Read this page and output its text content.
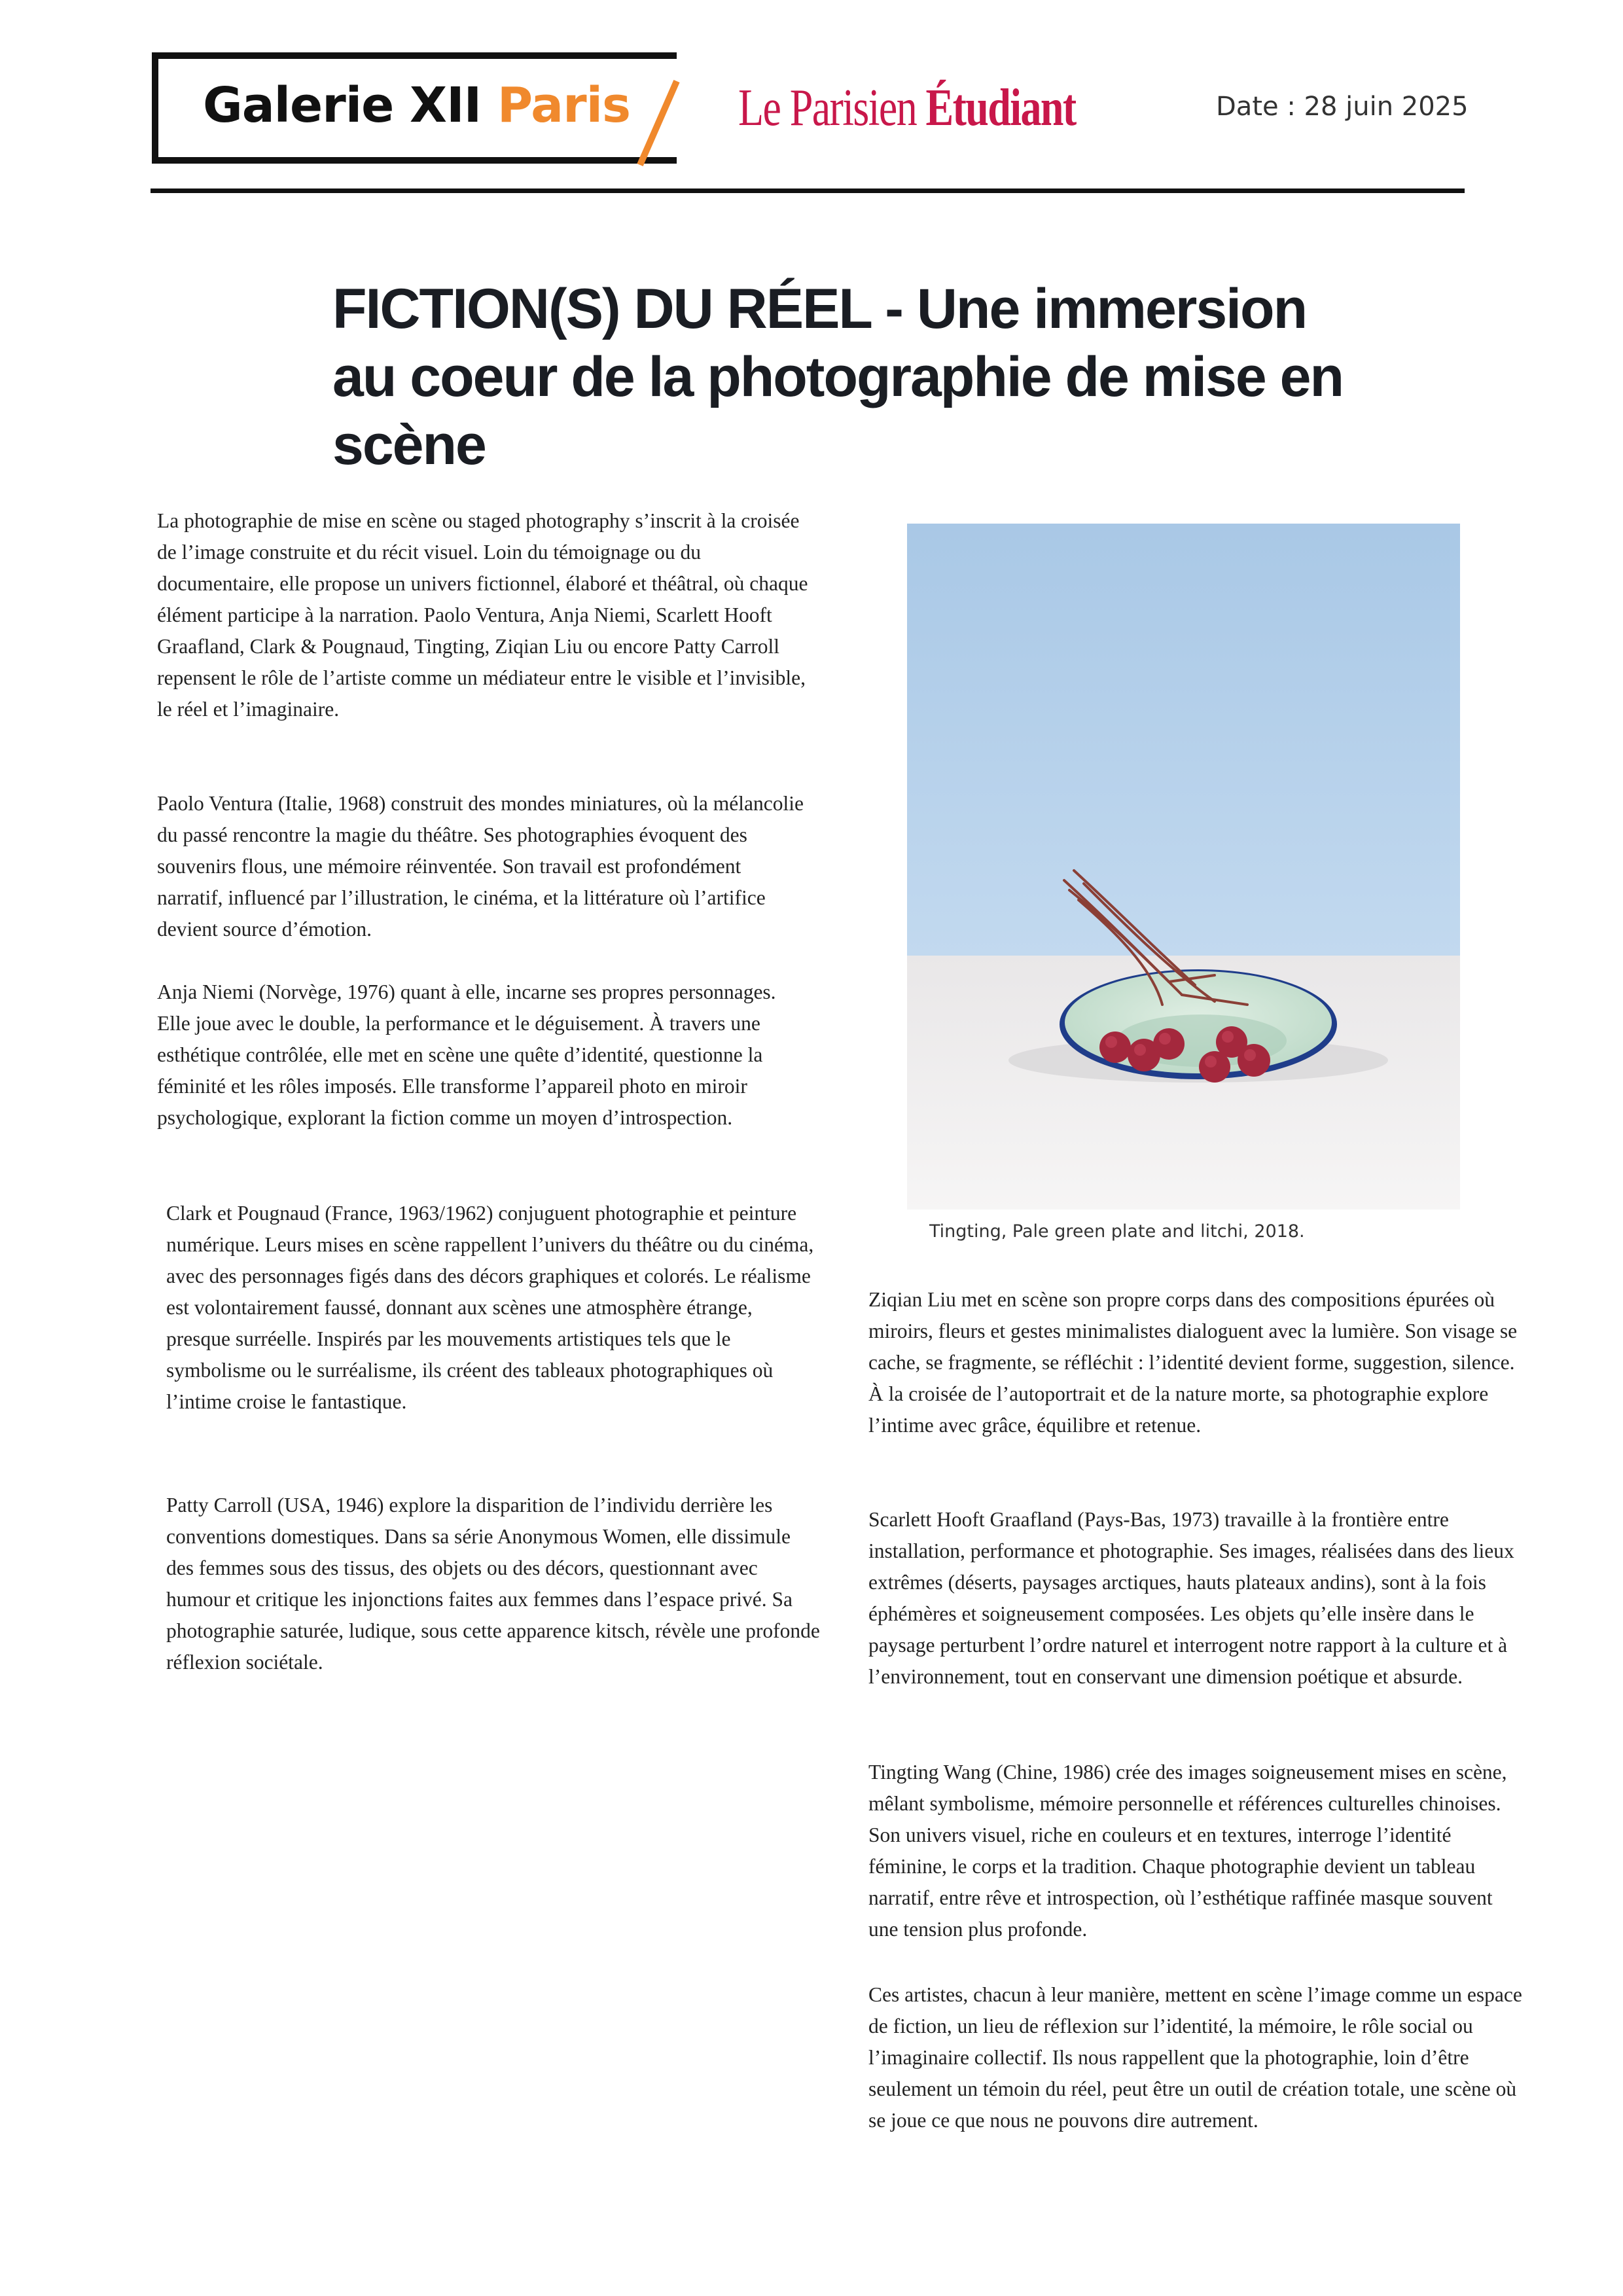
Galerie XII Paris Le Parisien Étudiant	Date : 28 juin 2025
FICTION(S) DU RÉEL - Une immersion au coeur de la photographie de mise en scène

La photographie de mise en scène ou staged photography s’inscrit à la croisée de l’image construite et du récit visuel. Loin du témoignage ou du documentaire, elle propose un univers fictionnel, élaboré et théâtral, où chaque élément participe à la narration. Paolo Ventura, Anja Niemi, Scarlett Hooft Graafland, Clark & Pougnaud, Tingting, Ziqian Liu ou encore Patty Carroll repensent le rôle de l’artiste comme un médiateur entre le visible et l’invisible, le réel et l’imaginaire.

Paolo Ventura (Italie, 1968) construit des mondes miniatures, où la mélancolie du passé rencontre la magie du théâtre. Ses photographies évoquent des souvenirs flous, une mémoire réinventée. Son travail est profondément narratif, influencé par l’illustration, le cinéma, et la littérature où l’artifice devient source d’émotion.

Anja Niemi (Norvège, 1976) quant à elle, incarne ses propres personnages. Elle joue avec le double, la performance et le déguisement. À travers une esthétique contrôlée, elle met en scène une quête d’identité, questionne la féminité et les rôles imposés. Elle transforme l’appareil photo en miroir psychologique, explorant la fiction comme un moyen d’introspection.

Clark et Pougnaud (France, 1963/1962) conjuguent photographie et peinture numérique. Leurs mises en scène rappellent l’univers du théâtre ou du cinéma, avec des personnages figés dans des décors graphiques et colorés. Le réalisme est volontairement faussé, donnant aux scènes une atmosphère étrange, presque surréelle. Inspirés par les mouvements artistiques tels que le symbolisme ou le surréalisme, ils créent des tableaux photographiques où l’intime croise le fantastique.

Patty Carroll (USA, 1946) explore la disparition de l’individu derrière les conventions domestiques. Dans sa série Anonymous Women, elle dissimule des femmes sous des tissus, des objets ou des décors, questionnant avec humour et critique les injonctions faites aux femmes dans l’espace privé. Sa photographie saturée, ludique, sous cette apparence kitsch, révèle une profonde réflexion sociétale.

Tingting, Pale green plate and litchi, 2018.

Ziqian Liu met en scène son propre corps dans des compositions épurées où miroirs, fleurs et gestes minimalistes dialoguent avec la lumière. Son visage se cache, se fragmente, se réfléchit : l’identité devient forme, suggestion, silence. À la croisée de l’autoportrait et de la nature morte, sa photographie explore l’intime avec grâce, équilibre et retenue.

Scarlett Hooft Graafland (Pays-Bas, 1973) travaille à la frontière entre installation, performance et photographie. Ses images, réalisées dans des lieux extrêmes (déserts, paysages arctiques, hauts plateaux andins), sont à la fois éphémères et soigneusement composées. Les objets qu’elle insère dans le paysage perturbent l’ordre naturel et interrogent notre rapport à la culture et à l’environnement, tout en conservant une dimension poétique et absurde.

Tingting Wang (Chine, 1986) crée des images soigneusement mises en scène, mêlant symbolisme, mémoire personnelle et références culturelles chinoises. Son univers visuel, riche en couleurs et en textures, interroge l’identité féminine, le corps et la tradition. Chaque photographie devient un tableau narratif, entre rêve et introspection, où l’esthétique raffinée masque souvent une tension plus profonde.

Ces artistes, chacun à leur manière, mettent en scène l’image comme un espace de fiction, un lieu de réflexion sur l’identité, la mémoire, le rôle social ou l’imaginaire collectif. Ils nous rappellent que la photographie, loin d’être seulement un témoin du réel, peut être un outil de création totale, une scène où se joue ce que nous ne pouvons dire autrement.
